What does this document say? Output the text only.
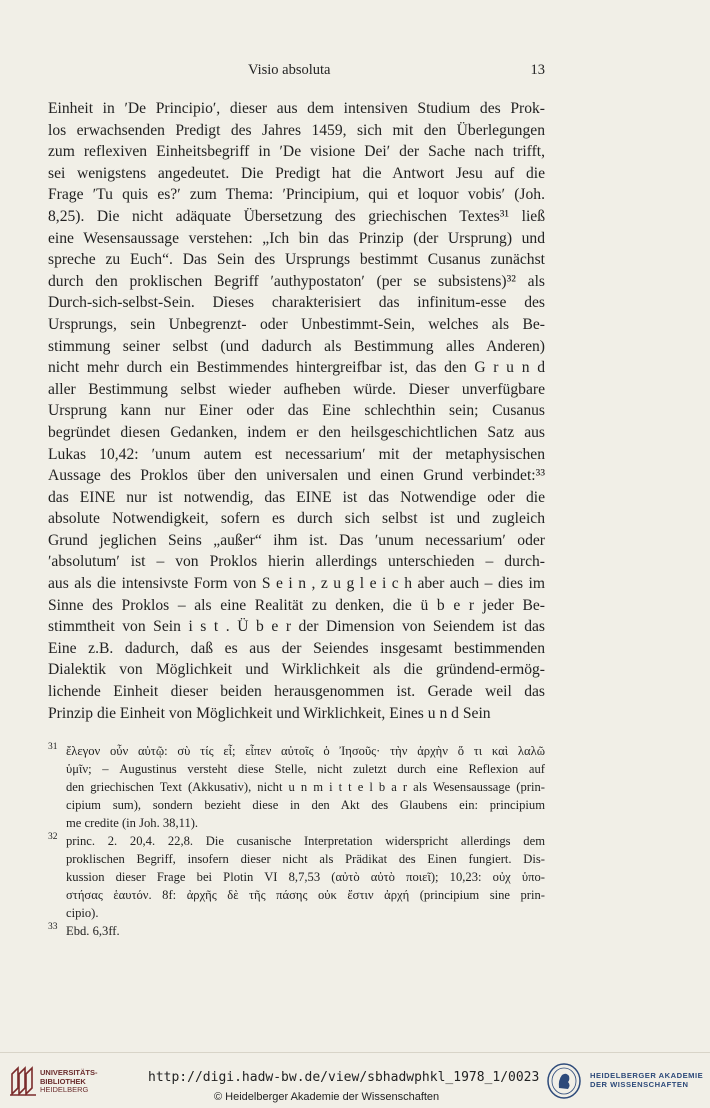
Visio absoluta	13
Einheit in ʹDe Principioʹ, dieser aus dem intensiven Studium des Prok-
los erwachsenden Predigt des Jahres 1459, sich mit den Überlegungen
zum reflexiven Einheitsbegriff in ʹDe visione Deiʹ der Sache nach trifft,
sei wenigstens angedeutet. Die Predigt hat die Antwort Jesu auf die
Frage ʹTu quis es?ʹ zum Thema: ʹPrincipium, qui et loquor vobisʹ (Joh.
8,25). Die nicht adäquate Übersetzung des griechischen Textes³¹ ließ
eine Wesensaussage verstehen: „Ich bin das Prinzip (der Ursprung) und
spreche zu Euch“. Das Sein des Ursprungs bestimmt Cusanus zunächst
durch den proklischen Begriff ʹauthypostatonʹ (per se subsistens)³² als
Durch-sich-selbst-Sein. Dieses charakterisiert das infinitum-esse des
Ursprungs, sein Unbegrenzt- oder Unbestimmt-Sein, welches als Be-
stimmung seiner selbst (und dadurch als Bestimmung alles Anderen)
nicht mehr durch ein Bestimmendes hintergreifbar ist, das den G r u n d
aller Bestimmung selbst wieder aufheben würde. Dieser unverfügbare
Ursprung kann nur Einer oder das Eine schlechthin sein; Cusanus
begründet diesen Gedanken, indem er den heilsgeschichtlichen Satz aus
Lukas 10,42: ʹunum autem est necessariumʹ mit der metaphysischen
Aussage des Proklos über den universalen und einen Grund verbindet:³³
das EINE nur ist notwendig, das EINE ist das Notwendige oder die
absolute Notwendigkeit, sofern es durch sich selbst ist und zugleich
Grund jeglichen Seins „außer“ ihm ist. Das ʹunum necessariumʹ oder
ʹabsolutumʹ ist – von Proklos hierin allerdings unterschieden – durch-
aus als die intensivste Form von S e i n , z u g l e i c h aber auch – dies im
Sinne des Proklos – als eine Realität zu denken, die ü b e r jeder Be-
stimmtheit von Sein i s t . Ü b e r der Dimension von Seiendem ist das
Eine z.B. dadurch, daß es aus der Seiendes insgesamt bestimmenden
Dialektik von Möglichkeit und Wirklichkeit als die gründend-ermög-
lichende Einheit dieser beiden herausgenommen ist. Gerade weil das
Prinzip die Einheit von Möglichkeit und Wirklichkeit, Eines u n d Sein
31 ἔλεγον οὖν αὐτῷ: σὺ τίς εἶ; εἶπεν αὐτοῖς ὁ Ἰησοῦς· τὴν ἀρχὴν ὅ τι καὶ λαλῶ
ὑμῖν; – Augustinus versteht diese Stelle, nicht zuletzt durch eine Reflexion auf
den griechischen Text (Akkusativ), nicht u n m i t t e l b a r als Wesensaussage (prin-
cipium sum), sondern bezieht diese in den Akt des Glaubens ein: principium
me credite (in Joh. 38,11).
32 princ. 2. 20,4. 22,8. Die cusanische Interpretation widerspricht allerdings dem
proklischen Begriff, insofern dieser nicht als Prädikat des Einen fungiert. Dis-
kussion dieser Frage bei Plotin VI 8,7,53 (αὐτὸ αὐτὸ ποιεῖ); 10,23: οὐχ ὑπο-
στήσας ἑαυτόν. 8f: ἀρχῆς δὲ τῆς πάσης οὐκ ἔστιν ἀρχή (principium sine prin-
cipio).
33 Ebd. 6,3ff.
UNIVERSITÄTS-
BIBLIOTHEK
HEIDELBERG
http://digi.hadw-bw.de/view/sbhadwphkl_1978_1/0023
© Heidelberger Akademie der Wissenschaften
HEIDELBERGER AKADEMIE
DER WISSENSCHAFTEN
